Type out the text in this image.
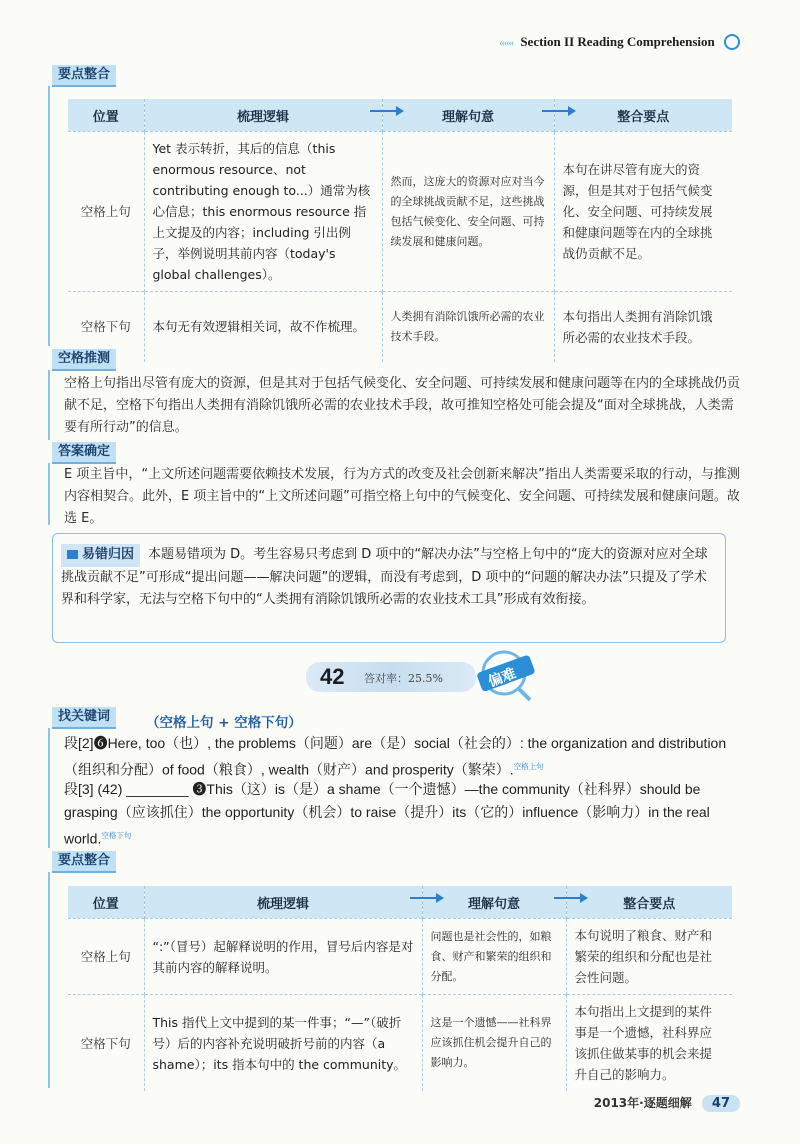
‹‹‹‹‹‹ Section II Reading Comprehension
要点整合
位置	梳理逻辑	理解句意	整合要点
空格上句	Yet 表示转折，其后的信息（this enormous resource、not contributing enough to...）通常为核心信息；this enormous resource 指上文提及的内容；including 引出例子，举例说明其前内容（today's global challenges）。	然而，这庞大的资源对应对当今的全球挑战贡献不足，这些挑战包括气候变化、安全问题、可持续发展和健康问题。	本句在讲尽管有庞大的资源，但是其对于包括气候变化、安全问题、可持续发展和健康问题等在内的全球挑战仍贡献不足。
空格下句	本句无有效逻辑相关词，故不作梳理。	人类拥有消除饥饿所必需的农业技术手段。	本句指出人类拥有消除饥饿所必需的农业技术手段。
空格推测
空格上句指出尽管有庞大的资源，但是其对于包括气候变化、安全问题、可持续发展和健康问题等在内的全球挑战仍贡献不足，空格下句指出人类拥有消除饥饿所必需的农业技术手段，故可推知空格处可能会提及“面对全球挑战，人类需要有所行动”的信息。
答案确定
E 项主旨中，“上文所述问题需要依赖技术发展，行为方式的改变及社会创新来解决”指出人类需要采取的行动，与推测内容相契合。此外，E 项主旨中的“上文所述问题”可指空格上句中的气候变化、安全问题、可持续发展和健康问题。故选 E。
易错归因 本题易错项为 D。考生容易只考虑到 D 项中的“解决办法”与空格上句中的“庞大的资源对应对全球挑战贡献不足”可形成“提出问题——解决问题”的逻辑，而没有考虑到，D 项中的“问题的解决办法”只提及了学术界和科学家，无法与空格下句中的“人类拥有消除饥饿所必需的农业技术工具”形成有效衔接。
42 答对率：25.5%	偏难
找关键词	（空格上句 + 空格下句）
段[2]❻Here, too（也）, the problems（问题）are（是）social（社会的）: the organization and distribution（组织和分配）of food（粮食）, wealth（财产）and prosperity（繁荣）.$^{空格上句}$
段[3] (42) ________ ❸This（这）is（是）a shame（一个遗憾）—the community（社科界）should be grasping（应该抓住）the opportunity（机会）to raise（提升）its（它的）influence（影响力）in the real world.$^{空格下句}$
要点整合
位置	梳理逻辑	理解句意	整合要点
空格上句	“:”（冒号）起解释说明的作用，冒号后内容是对其前内容的解释说明。	问题也是社会性的，如粮食、财产和繁荣的组织和分配。	本句说明了粮食、财产和繁荣的组织和分配也是社会性问题。
空格下句	This 指代上文中提到的某一件事；“—”（破折号）后的内容补充说明破折号前的内容（a shame）；its 指本句中的 the community。	这是一个遗憾——社科界应该抓住机会提升自己的影响力。	本句指出上文提到的某件事是一个遗憾，社科界应该抓住做某事的机会来提升自己的影响力。
2013年·逐题细解 47
